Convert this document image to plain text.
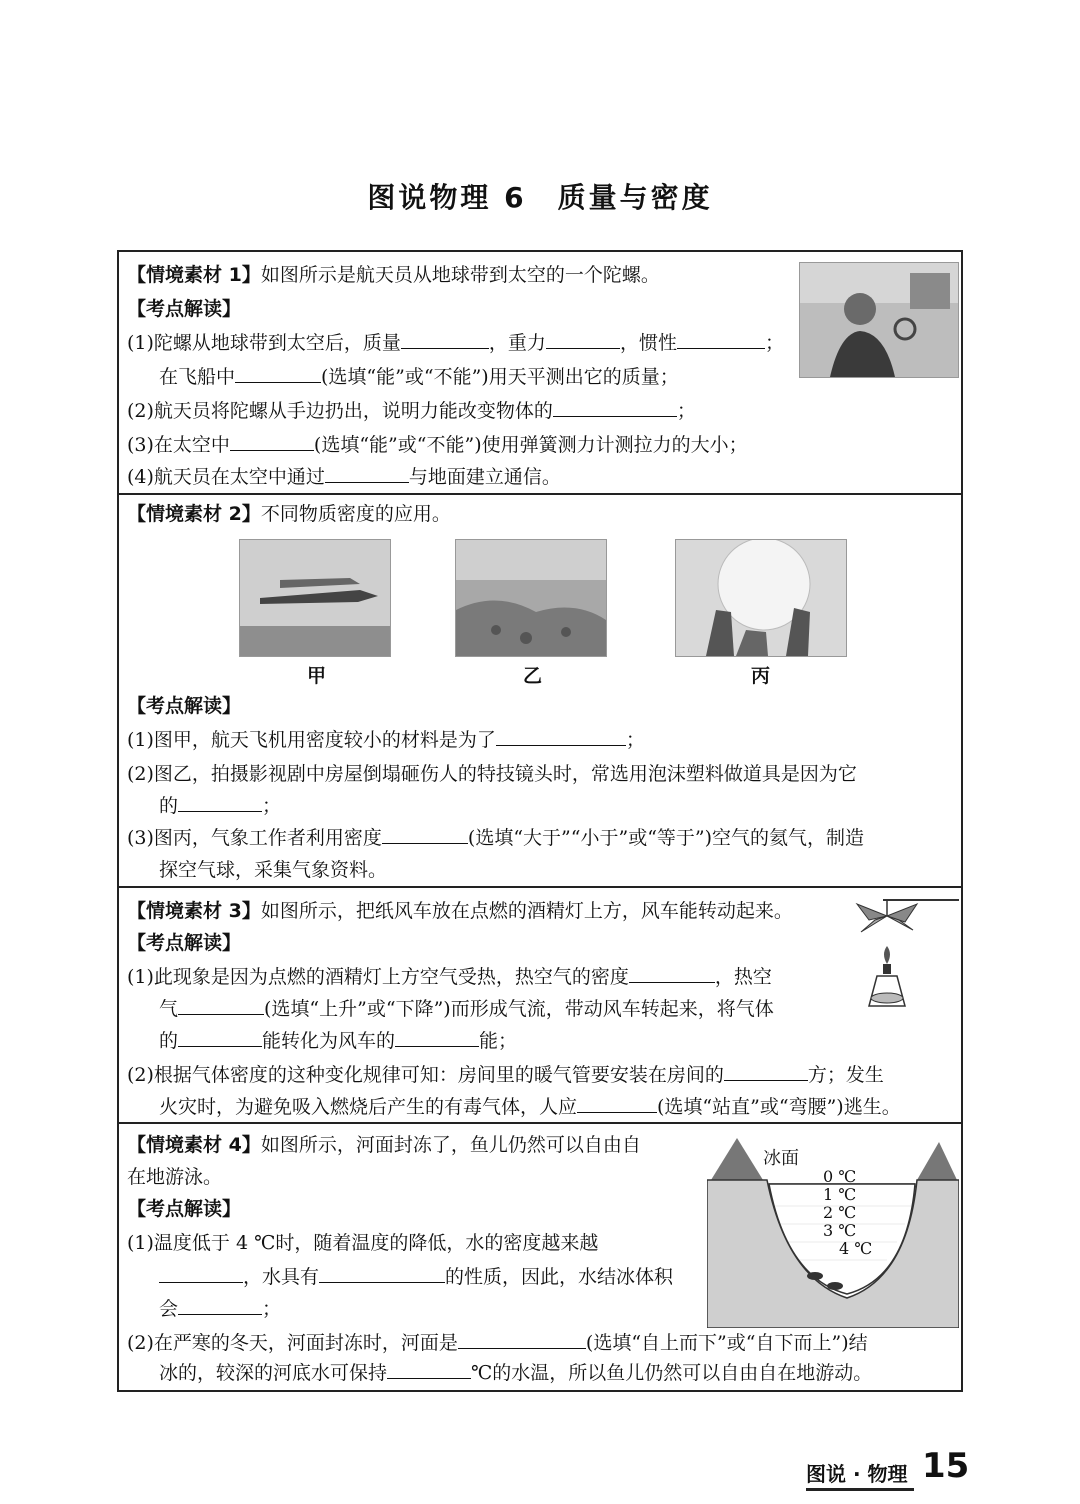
图说物理 6　质量与密度
【情境素材 1】如图所示是航天员从地球带到太空的一个陀螺。
【考点解读】
(1)陀螺从地球带到太空后，质量	，重力	，惯性	；
在飞船中	(选填“能”或“不能”)用天平测出它的质量；
(2)航天员将陀螺从手边扔出，说明力能改变物体的	；
(3)在太空中	(选填“能”或“不能”)使用弹簧测力计测拉力的大小；
(4)航天员在太空中通过	与地面建立通信。
【情境素材 2】不同物质密度的应用。
甲	乙	丙
【考点解读】
(1)图甲，航天飞机用密度较小的材料是为了	；
(2)图乙，拍摄影视剧中房屋倒塌砸伤人的特技镜头时，常选用泡沫塑料做道具是因为它
的	；
(3)图丙，气象工作者利用密度	(选填“大于”“小于”或“等于”)空气的氦气，制造
探空气球，采集气象资料。
【情境素材 3】如图所示，把纸风车放在点燃的酒精灯上方，风车能转动起来。
【考点解读】
(1)此现象是因为点燃的酒精灯上方空气受热，热空气的密度	，热空
气	(选填“上升”或“下降”)而形成气流，带动风车转起来，将气体
的	能转化为风车的	能；
(2)根据气体密度的这种变化规律可知：房间里的暖气管要安装在房间的	方；发生
火灾时，为避免吸入燃烧后产生的有毒气体，人应	(选填“站直”或“弯腰”)逃生。
【情境素材 4】如图所示，河面封冻了，鱼儿仍然可以自由自
在地游泳。
【考点解读】
(1)温度低于 4 ℃时，随着温度的降低，水的密度越来越
，水具有	的性质，因此，水结冰体积
会	；
(2)在严寒的冬天，河面封冻时，河面是	(选填“自上而下”或“自下而上”)结
冰的，较深的河底水可保持	℃的水温，所以鱼儿仍然可以自由自在地游动。
冰面
0 ℃
1 ℃
2 ℃
3 ℃
4 ℃
图说 · 物理 15
